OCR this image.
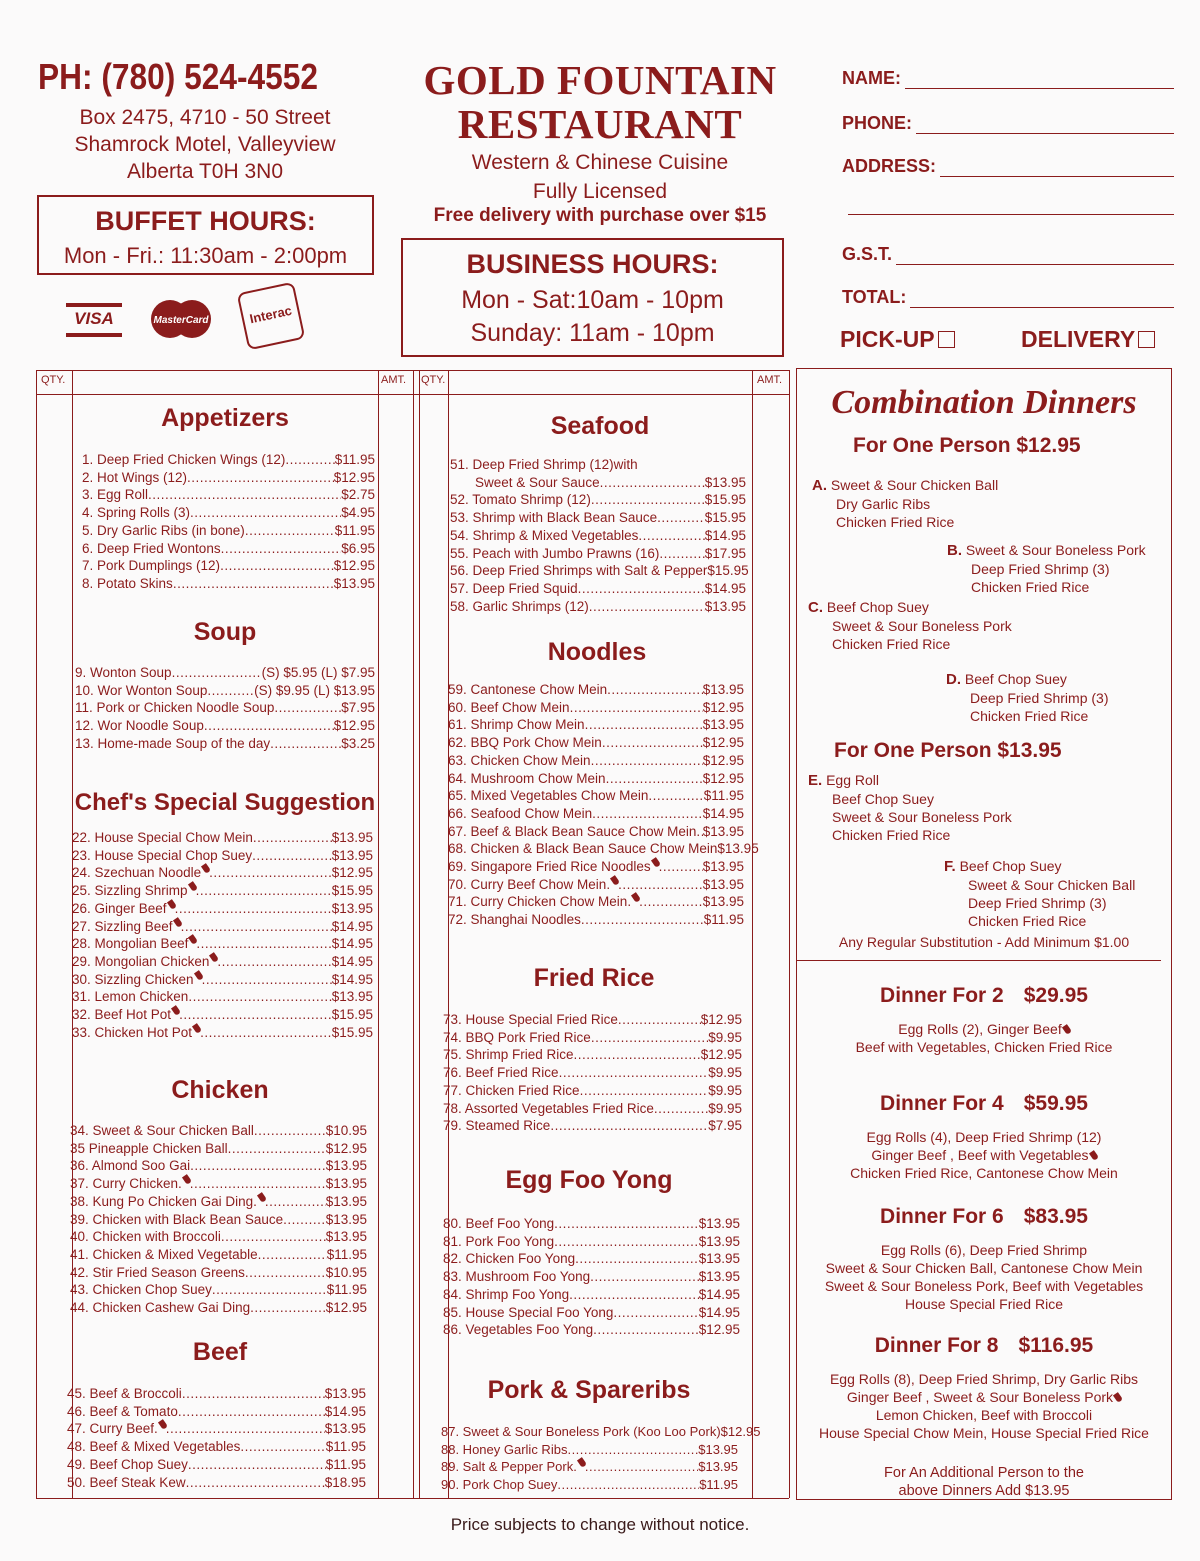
PH: (780) 524-4552
Box 2475, 4710 - 50 Street
Shamrock Motel, Valleyview
Alberta T0H 3N0
BUFFET HOURS:
Mon - Fri.: 11:30am - 2:00pm
VISA	MasterCard	Interac
GOLD FOUNTAIN
RESTAURANT
Western & Chinese Cuisine
Fully Licensed
Free delivery with purchase over $15
BUSINESS HOURS:
Mon - Sat:10am - 10pm
Sunday: 11am - 10pm
NAME:
PHONE:
ADDRESS:
G.S.T.
TOTAL:
PICK-UP	DELIVERY
QTY.	AMT. QTY.	AMT.
Appetizers
1. Deep Fried Chicken Wings (12) .....	$11.95
2. Hot Wings (12) .....	$12.95
3. Egg Roll .....	$2.75
4. Spring Rolls (3) .....	$4.95
5. Dry Garlic Ribs (in bone) .....	$11.95
6. Deep Fried Wontons .....	$6.95
7. Pork Dumplings (12) .....	$12.95
8. Potato Skins .....	$13.95
Soup
9. Wonton Soup .....	(S) $5.95 (L) $7.95
10. Wor Wonton Soup .....	(S) $9.95 (L) $13.95
11. Pork or Chicken Noodle Soup .....	$7.95
12. Wor Noodle Soup .....	$12.95
13. Home-made Soup of the day .....	$3.25
Chef's Special Suggestion
22. House Special Chow Mein .....	$13.95
23. House Special Chop Suey .....	$13.95
24. Szechuan Noodle .....	$12.95
25. Sizzling Shrimp .....	$15.95
26. Ginger Beef .....	$13.95
27. Sizzling Beef .....	$14.95
28. Mongolian Beef .....	$14.95
29. Mongolian Chicken .....	$14.95
30. Sizzling Chicken .....	$14.95
31. Lemon Chicken .....	$13.95
32. Beef Hot Pot .....	$15.95
33. Chicken Hot Pot .....	$15.95
Chicken
34. Sweet & Sour Chicken Ball .....	$10.95
35 Pineapple Chicken Ball .....	$12.95
36. Almond Soo Gai .....	$13.95
37. Curry Chicken. .....	$13.95
38. Kung Po Chicken Gai Ding. .....	$13.95
39. Chicken with Black Bean Sauce .....	$13.95
40. Chicken with Broccoli .....	$13.95
41. Chicken & Mixed Vegetable .....	$11.95
42. Stir Fried Season Greens .....	$10.95
43. Chicken Chop Suey .....	$11.95
44. Chicken Cashew Gai Ding .....	$12.95
Beef
45. Beef & Broccoli .....	$13.95
46. Beef & Tomato .....	$14.95
47. Curry Beef. .....	$13.95
48. Beef & Mixed Vegetables .....	$11.95
49. Beef Chop Suey .....	$11.95
50. Beef Steak Kew .....	$18.95
Seafood
51. Deep Fried Shrimp (12)with
Sweet & Sour Sauce .....	$13.95
52. Tomato Shrimp (12) .....	$15.95
53. Shrimp with Black Bean Sauce .....	$15.95
54. Shrimp & Mixed Vegetables .....	$14.95
55. Peach with Jumbo Prawns (16) .....	$17.95
56. Deep Fried Shrimps with Salt & Pepper $15.95
57. Deep Fried Squid .....	$14.95
58. Garlic Shrimps (12) .....	$13.95
Noodles
59. Cantonese Chow Mein .....	$13.95
60. Beef Chow Mein .....	$12.95
61. Shrimp Chow Mein .....	$13.95
62. BBQ Pork Chow Mein .....	$12.95
63. Chicken Chow Mein .....	$12.95
64. Mushroom Chow Mein .....	$12.95
65. Mixed Vegetables Chow Mein .....	$11.95
66. Seafood Chow Mein .....	$14.95
67. Beef & Black Bean Sauce Chow Mein ..... $13.95
68. Chicken & Black Bean Sauce Chow Mein $13.95
69. Singapore Fried Rice Noodles .....	$13.95
70. Curry Beef Chow Mein. .....	$13.95
71. Curry Chicken Chow Mein. .....	$13.95
72. Shanghai Noodles .....	$11.95
Fried Rice
73. House Special Fried Rice .....	$12.95
74. BBQ Pork Fried Rice .....	$9.95
75. Shrimp Fried Rice .....	$12.95
76. Beef Fried Rice .....	$9.95
77. Chicken Fried Rice .....	$9.95
78. Assorted Vegetables Fried Rice .....	$9.95
79. Steamed Rice .....	$7.95
Egg Foo Yong
80. Beef Foo Yong .....	$13.95
81. Pork Foo Yong .....	$13.95
82. Chicken Foo Yong .....	$13.95
83. Mushroom Foo Yong .....	$13.95
84. Shrimp Foo Yong .....	$14.95
85. House Special Foo Yong .....	$14.95
86. Vegetables Foo Yong .....	$12.95
Pork & Spareribs
87. Sweet & Sour Boneless Pork (Koo Loo Pork) $12.95
88. Honey Garlic Ribs .....	$13.95
89. Salt & Pepper Pork. .....	$13.95
90. Pork Chop Suey .....	$11.95
Combination Dinners
For One Person $12.95
A. Sweet & Sour Chicken Ball
Dry Garlic Ribs
Chicken Fried Rice
B. Sweet & Sour Boneless Pork
Deep Fried Shrimp (3)
Chicken Fried Rice
C. Beef Chop Suey
Sweet & Sour Boneless Pork
Chicken Fried Rice
D. Beef Chop Suey
Deep Fried Shrimp (3)
Chicken Fried Rice
For One Person $13.95
E. Egg Roll
Beef Chop Suey
Sweet & Sour Boneless Pork
Chicken Fried Rice
F. Beef Chop Suey
Sweet & Sour Chicken Ball
Deep Fried Shrimp (3)
Chicken Fried Rice
Any Regular Substitution - Add Minimum $1.00
Dinner For 2 $29.95
Egg Rolls (2), Ginger Beef
Beef with Vegetables, Chicken Fried Rice
Dinner For 4 $59.95
Egg Rolls (4), Deep Fried Shrimp (12)
Ginger Beef , Beef with Vegetables
Chicken Fried Rice, Cantonese Chow Mein
Dinner For 6 $83.95
Egg Rolls (6), Deep Fried Shrimp
Sweet & Sour Chicken Ball, Cantonese Chow Mein
Sweet & Sour Boneless Pork, Beef with Vegetables
House Special Fried Rice
Dinner For 8 $116.95
Egg Rolls (8), Deep Fried Shrimp, Dry Garlic Ribs
Ginger Beef , Sweet & Sour Boneless Pork
Lemon Chicken, Beef with Broccoli
House Special Chow Mein, House Special Fried Rice
For An Additional Person to the
above Dinners Add $13.95
Price subjects to change without notice.
